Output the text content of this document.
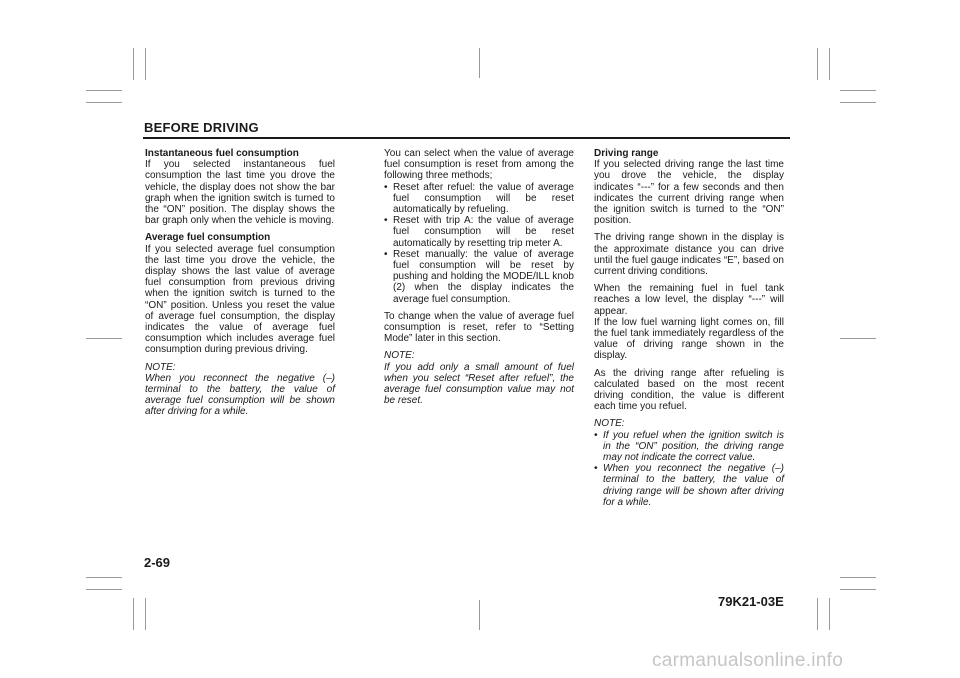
BEFORE DRIVING
Instantaneous fuel consumption

If you selected instantaneous fuel consumption the last time you drove the vehicle, the display does not show the bar graph when the ignition switch is turned to the “ON” position. The display shows the bar graph only when the vehicle is moving.

Average fuel consumption

If you selected average fuel consumption the last time you drove the vehicle, the display shows the last value of average fuel consumption from previous driving when the ignition switch is turned to the “ON” position. Unless you reset the value of average fuel consumption, the display indicates the value of average fuel consumption which includes average fuel consumption during previous driving.

NOTE:
When you reconnect the negative (–) terminal to the battery, the value of average fuel consumption will be shown after driving for a while.

You can select when the value of average fuel consumption is reset from among the following three methods;

• Reset after refuel: the value of average fuel consumption will be reset automatically by refueling.
• Reset with trip A: the value of average fuel consumption will be reset automatically by resetting trip meter A.
• Reset manually: the value of average fuel consumption will be reset by pushing and holding the MODE/ILL knob (2) when the display indicates the average fuel consumption.

To change when the value of average fuel consumption is reset, refer to “Setting Mode” later in this section.

NOTE:
If you add only a small amount of fuel when you select “Reset after refuel”, the average fuel consumption value may not be reset.
Driving range

If you selected driving range the last time you drove the vehicle, the display indicates “---” for a few seconds and then indicates the current driving range when the ignition switch is turned to the “ON” position.

The driving range shown in the display is the approximate distance you can drive until the fuel gauge indicates “E”, based on current driving conditions.

When the remaining fuel in fuel tank reaches a low level, the display “---” will appear.

If the low fuel warning light comes on, fill the fuel tank immediately regardless of the value of driving range shown in the display.

As the driving range after refueling is calculated based on the most recent driving condition, the value is different each time you refuel.

NOTE:
• If you refuel when the ignition switch is in the “ON” position, the driving range may not indicate the correct value.
• When you reconnect the negative (–) terminal to the battery, the value of driving range will be shown after driving for a while.
2-69
79K21-03E
carmanualsonline.info
